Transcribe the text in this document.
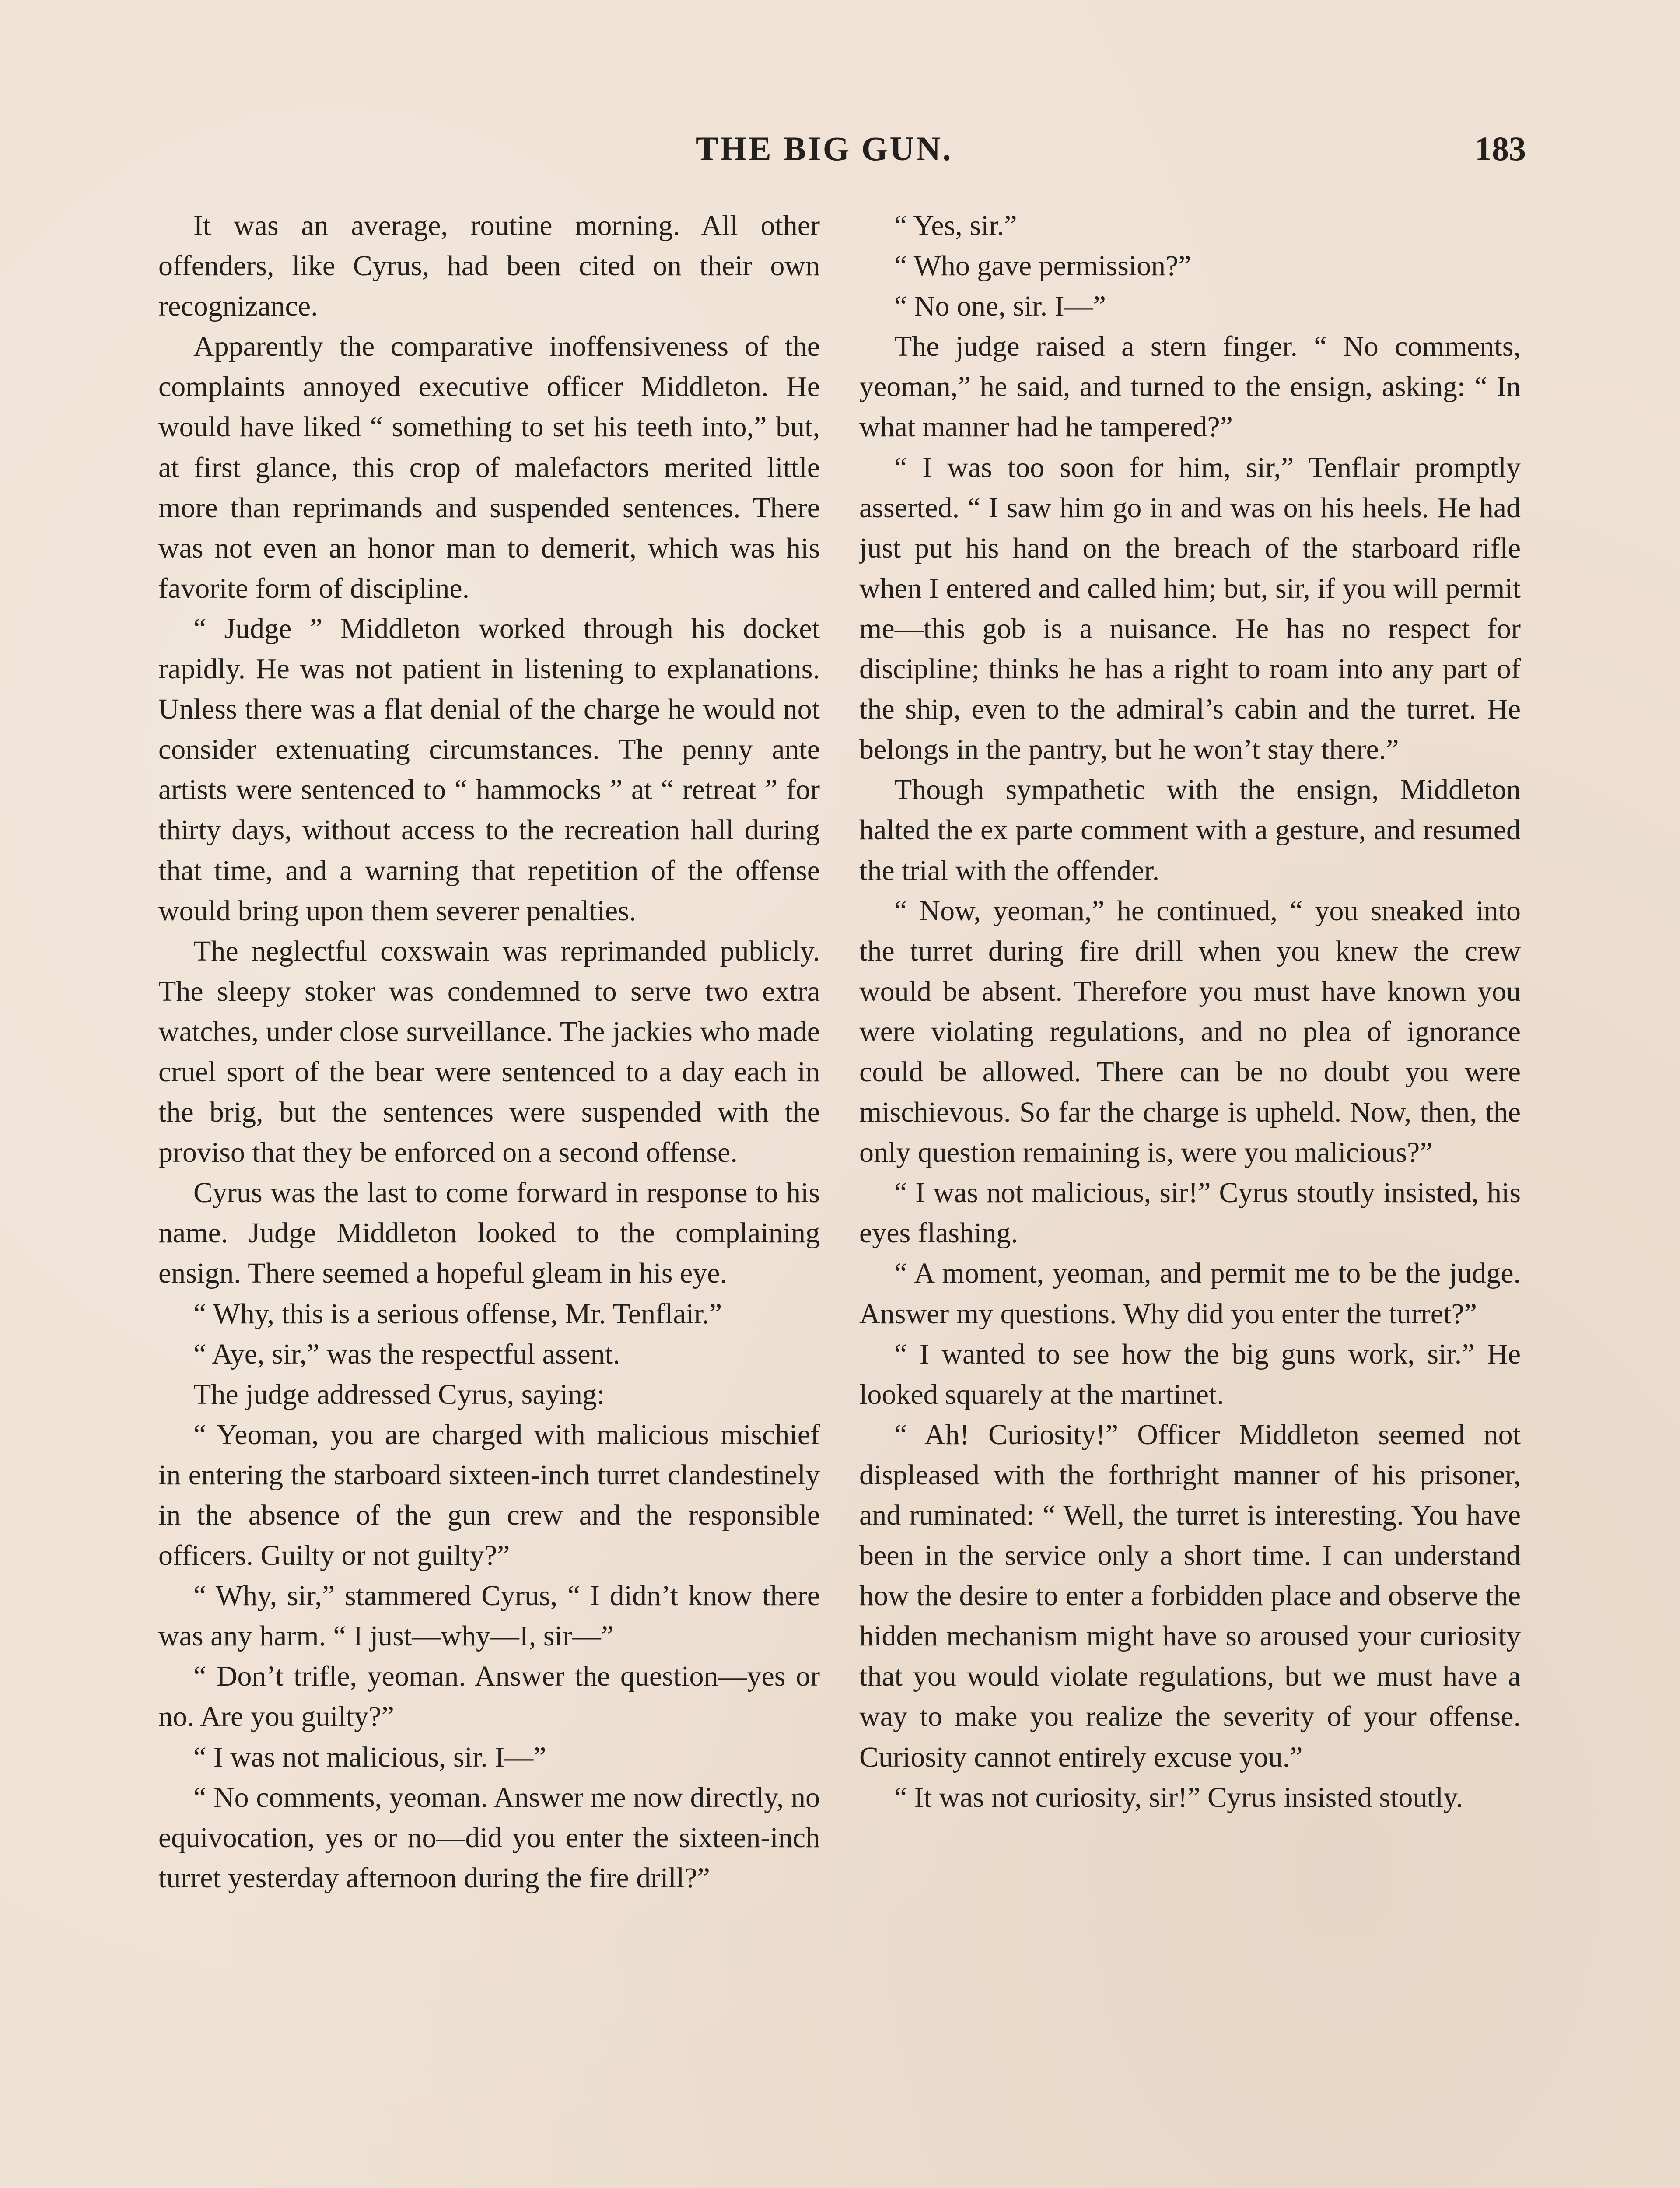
THE BIG GUN.	183

It was an average, routine morning. All other offenders, like Cyrus, had been cited on their own recognizance.

Apparently the comparative inoffensiveness of the complaints annoyed executive officer Middleton. He would have liked “ something to set his teeth into,” but, at first glance, this crop of malefactors merited little more than reprimands and suspended sentences. There was not even an honor man to demerit, which was his favorite form of discipline.

“ Judge ” Middleton worked through his docket rapidly. He was not patient in listening to explanations. Unless there was a flat denial of the charge he would not consider extenuating circumstances. The penny ante artists were sentenced to “ hammocks ” at “ retreat ” for thirty days, without access to the recreation hall during that time, and a warning that repetition of the offense would bring upon them severer penalties.

The neglectful coxswain was reprimanded publicly. The sleepy stoker was condemned to serve two extra watches, under close surveillance. The jackies who made cruel sport of the bear were sentenced to a day each in the brig, but the sentences were suspended with the proviso that they be enforced on a second offense.

Cyrus was the last to come forward in response to his name. Judge Middleton looked to the complaining ensign. There seemed a hopeful gleam in his eye.

“ Why, this is a serious offense, Mr. Tenflair.”

“ Aye, sir,” was the respectful assent.

The judge addressed Cyrus, saying:

“ Yeoman, you are charged with malicious mischief in entering the starboard sixteen-inch turret clandestinely in the absence of the gun crew and the responsible officers. Guilty or not guilty?”

“ Why, sir,” stammered Cyrus, “ I didn’t know there was any harm. “ I just—why—I, sir—”

“ Don’t trifle, yeoman. Answer the question—yes or no. Are you guilty?”

“ I was not malicious, sir. I—”

“ No comments, yeoman. Answer me now directly, no equivocation, yes or no—did you enter the sixteen-inch turret yesterday afternoon during the fire drill?”

“ Yes, sir.”

“ Who gave permission?”

“ No one, sir. I—”

The judge raised a stern finger. “ No comments, yeoman,” he said, and turned to the ensign, asking: “ In what manner had he tampered?”

“ I was too soon for him, sir,” Tenflair promptly asserted. “ I saw him go in and was on his heels. He had just put his hand on the breach of the starboard rifle when I entered and called him; but, sir, if you will permit me—this gob is a nuisance. He has no respect for discipline; thinks he has a right to roam into any part of the ship, even to the admiral’s cabin and the turret. He belongs in the pantry, but he won’t stay there.”

Though sympathetic with the ensign, Middleton halted the ex parte comment with a gesture, and resumed the trial with the offender.

“ Now, yeoman,” he continued, “ you sneaked into the turret during fire drill when you knew the crew would be absent. Therefore you must have known you were violating regulations, and no plea of ignorance could be allowed. There can be no doubt you were mischievous. So far the charge is upheld. Now, then, the only question remaining is, were you malicious?”

“ I was not malicious, sir!” Cyrus stoutly insisted, his eyes flashing.

“ A moment, yeoman, and permit me to be the judge. Answer my questions. Why did you enter the turret?”

“ I wanted to see how the big guns work, sir.” He looked squarely at the martinet.

“ Ah! Curiosity!” Officer Middleton seemed not displeased with the forthright manner of his prisoner, and ruminated: “ Well, the turret is interesting. You have been in the service only a short time. I can understand how the desire to enter a forbidden place and observe the hidden mechanism might have so aroused your curiosity that you would violate regulations, but we must have a way to make you realize the severity of your offense. Curiosity cannot entirely excuse you.”

“ It was not curiosity, sir!” Cyrus insisted stoutly.
